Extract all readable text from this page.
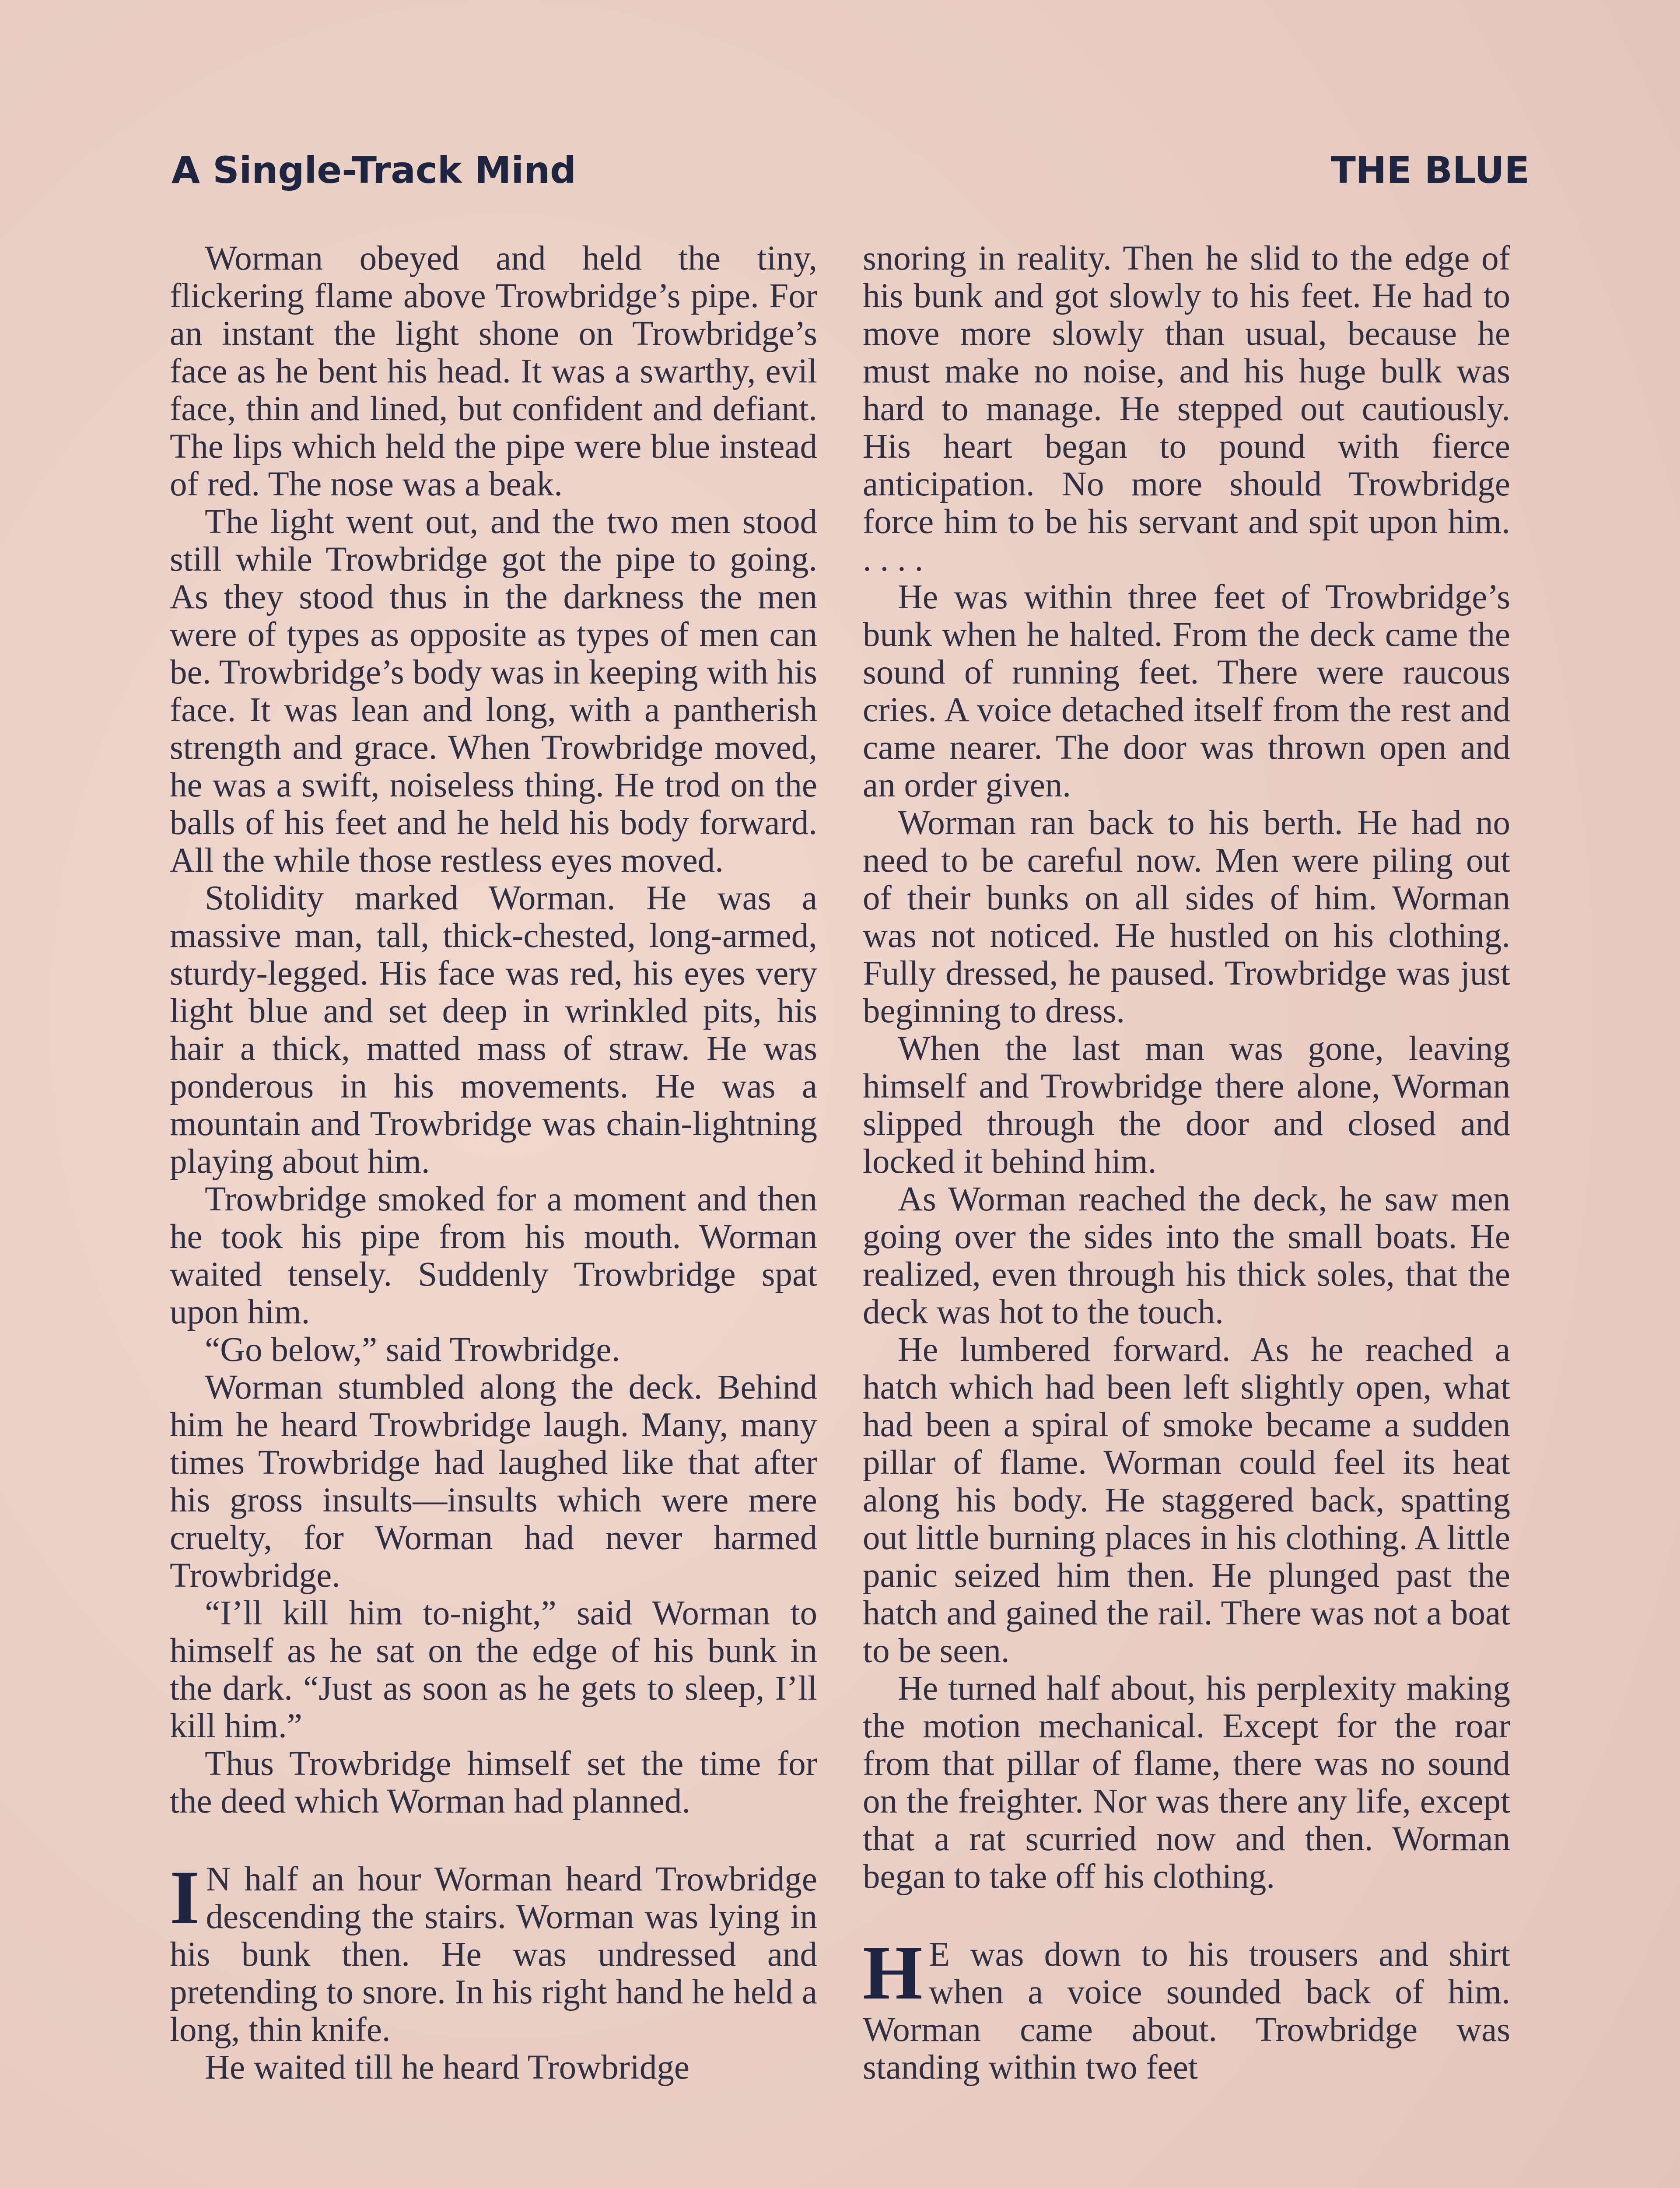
A Single-Track Mind	THE BLUE

Worman obeyed and held the tiny, flickering flame above Trowbridge’s pipe. For an instant the light shone on Trowbridge’s face as he bent his head. It was a swarthy, evil face, thin and lined, but confident and defiant. The lips which held the pipe were blue instead of red. The nose was a beak.

The light went out, and the two men stood still while Trowbridge got the pipe to going. As they stood thus in the darkness the men were of types as opposite as types of men can be. Trowbridge’s body was in keeping with his face. It was lean and long, with a pantherish strength and grace. When Trowbridge moved, he was a swift, noiseless thing. He trod on the balls of his feet and he held his body forward. All the while those restless eyes moved.

Stolidity marked Worman. He was a massive man, tall, thick-chested, long-armed, sturdy-legged. His face was red, his eyes very light blue and set deep in wrinkled pits, his hair a thick, matted mass of straw. He was ponderous in his movements. He was a mountain and Trowbridge was chain-lightning playing about him.

Trowbridge smoked for a moment and then he took his pipe from his mouth. Worman waited tensely. Suddenly Trowbridge spat upon him.

“Go below,” said Trowbridge.

Worman stumbled along the deck. Behind him he heard Trowbridge laugh. Many, many times Trowbridge had laughed like that after his gross insults—insults which were mere cruelty, for Worman had never harmed Trowbridge.

“I’ll kill him to-night,” said Worman to himself as he sat on the edge of his bunk in the dark. “Just as soon as he gets to sleep, I’ll kill him.”

Thus Trowbridge himself set the time for the deed which Worman had planned.

I N half an hour Worman heard Trowbridge descending the stairs. Worman was lying in his bunk then. He was undressed and pretending to snore. In his right hand he held a long, thin knife.

He waited till he heard Trowbridge

snoring in reality. Then he slid to the edge of his bunk and got slowly to his feet. He had to move more slowly than usual, because he must make no noise, and his huge bulk was hard to manage. He stepped out cautiously. His heart began to pound with fierce anticipation. No more should Trowbridge force him to be his servant and spit upon him. . . . .

He was within three feet of Trowbridge’s bunk when he halted. From the deck came the sound of running feet. There were raucous cries. A voice detached itself from the rest and came nearer. The door was thrown open and an order given.

Worman ran back to his berth. He had no need to be careful now. Men were piling out of their bunks on all sides of him. Worman was not noticed. He hustled on his clothing. Fully dressed, he paused. Trowbridge was just beginning to dress.

When the last man was gone, leaving himself and Trowbridge there alone, Worman slipped through the door and closed and locked it behind him.

As Worman reached the deck, he saw men going over the sides into the small boats. He realized, even through his thick soles, that the deck was hot to the touch.

He lumbered forward. As he reached a hatch which had been left slightly open, what had been a spiral of smoke became a sudden pillar of flame. Worman could feel its heat along his body. He staggered back, spatting out little burning places in his clothing. A little panic seized him then. He plunged past the hatch and gained the rail. There was not a boat to be seen.

He turned half about, his perplexity making the motion mechanical. Except for the roar from that pillar of flame, there was no sound on the freighter. Nor was there any life, except that a rat scurried now and then. Worman began to take off his clothing.

H E was down to his trousers and shirt when a voice sounded back of him. Worman came about. Trowbridge was standing within two feet
